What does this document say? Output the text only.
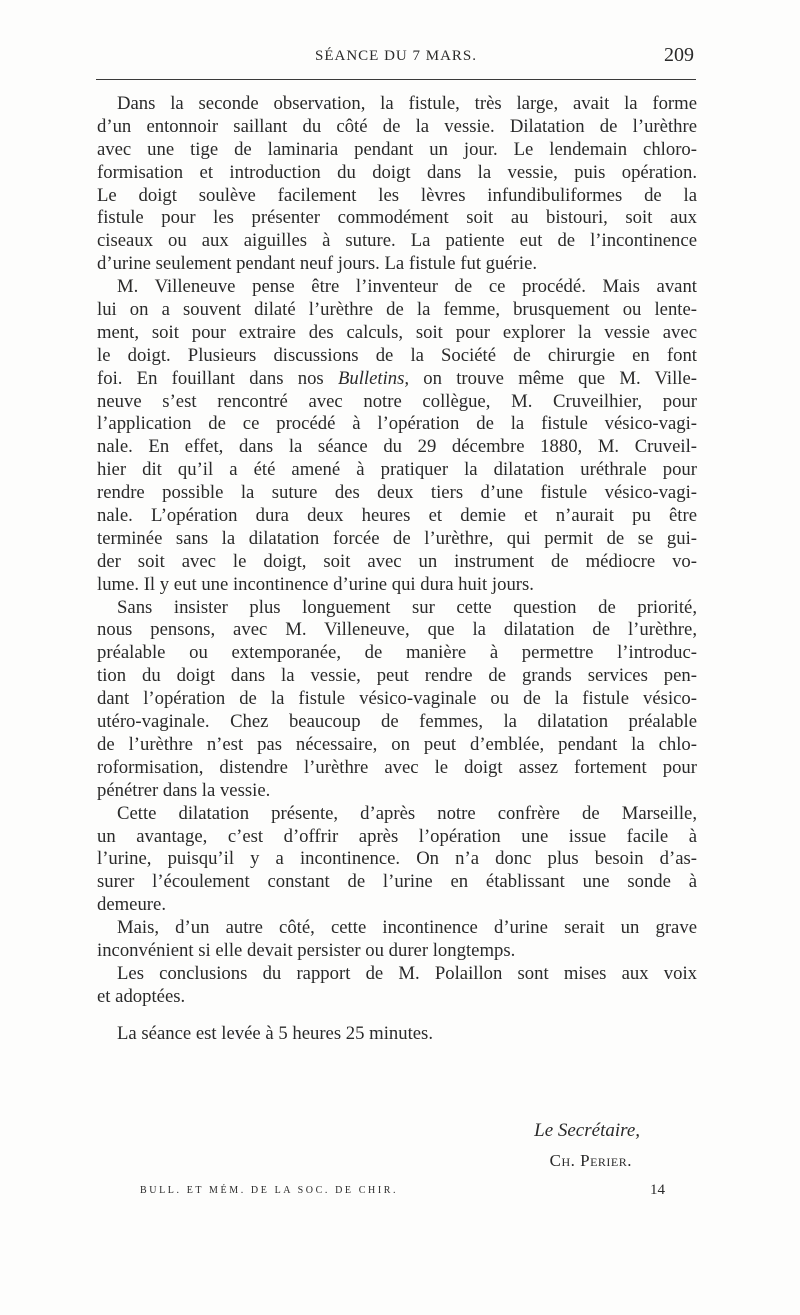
SÉANCE DU 7 MARS.	209
Dans la seconde observation, la fistule, très large, avait la forme
d’un entonnoir saillant du côté de la vessie. Dilatation de l’urèthre
avec une tige de laminaria pendant un jour. Le lendemain chloro-
formisation et introduction du doigt dans la vessie, puis opération.
Le doigt soulève facilement les lèvres infundibuliformes de la
fistule pour les présenter commodément soit au bistouri, soit aux
ciseaux ou aux aiguilles à suture. La patiente eut de l’incontinence
d’urine seulement pendant neuf jours. La fistule fut guérie.
M. Villeneuve pense être l’inventeur de ce procédé. Mais avant
lui on a souvent dilaté l’urèthre de la femme, brusquement ou lente-
ment, soit pour extraire des calculs, soit pour explorer la vessie avec
le doigt. Plusieurs discussions de la Société de chirurgie en font
foi. En fouillant dans nos Bulletins, on trouve même que M. Ville-
neuve s’est rencontré avec notre collègue, M. Cruveilhier, pour
l’application de ce procédé à l’opération de la fistule vésico-vagi-
nale. En effet, dans la séance du 29 décembre 1880, M. Cruveil-
hier dit qu’il a été amené à pratiquer la dilatation uréthrale pour
rendre possible la suture des deux tiers d’une fistule vésico-vagi-
nale. L’opération dura deux heures et demie et n’aurait pu être
terminée sans la dilatation forcée de l’urèthre, qui permit de se gui-
der soit avec le doigt, soit avec un instrument de médiocre vo-
lume. Il y eut une incontinence d’urine qui dura huit jours.
Sans insister plus longuement sur cette question de priorité,
nous pensons, avec M. Villeneuve, que la dilatation de l’urèthre,
préalable ou extemporanée, de manière à permettre l’introduc-
tion du doigt dans la vessie, peut rendre de grands services pen-
dant l’opération de la fistule vésico-vaginale ou de la fistule vésico-
utéro-vaginale. Chez beaucoup de femmes, la dilatation préalable
de l’urèthre n’est pas nécessaire, on peut d’emblée, pendant la chlo-
roformisation, distendre l’urèthre avec le doigt assez fortement pour
pénétrer dans la vessie.
Cette dilatation présente, d’après notre confrère de Marseille,
un avantage, c’est d’offrir après l’opération une issue facile à
l’urine, puisqu’il y a incontinence. On n’a donc plus besoin d’as-
surer l’écoulement constant de l’urine en établissant une sonde à
demeure.
Mais, d’un autre côté, cette incontinence d’urine serait un grave
inconvénient si elle devait persister ou durer longtemps.
Les conclusions du rapport de M. Polaillon sont mises aux voix
et adoptées.
La séance est levée à 5 heures 25 minutes.
Le Secrétaire,
Ch. Perier.
BULL. ET MÉM. DE LA SOC. DE CHIR.	14
